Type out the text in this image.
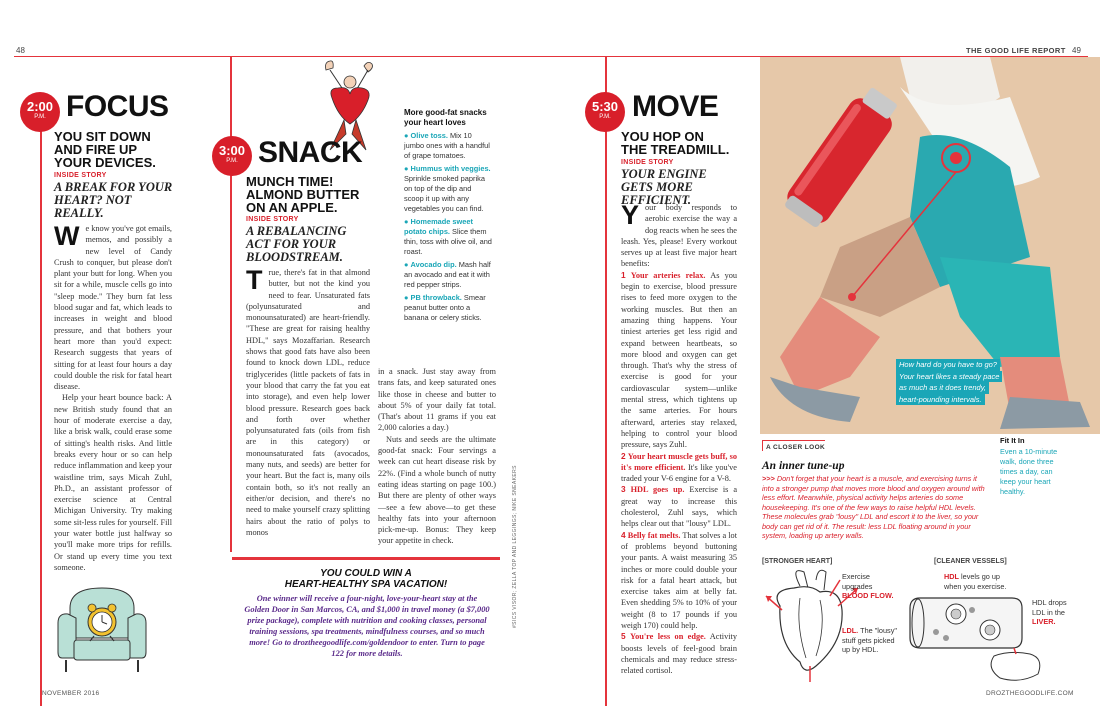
48	THE GOOD LIFE REPORT 49
NOVEMBER 2016	DROZTHEGOODLIFE.COM
2:00
P.M. FOCUS
YOU SIT DOWN AND FIRE UP YOUR DEVICES.
INSIDE STORY
A BREAK FOR YOUR HEART? NOT REALLY.
W e know you've got emails, memos, and possibly a new level of Candy Crush to conquer, but please don't plant your butt for long. When you sit for a while, muscle cells go into "sleep mode." They burn fat less blood sugar and fat, which leads to increases in weight and blood pressure, and that bothers your heart more than you'd expect: Research suggests that years of sitting for at least four hours a day could double the risk for fatal heart disease.

Help your heart bounce back: A new British study found that an hour of moderate exercise a day, like a brisk walk, could erase some of sitting's health risks. And little breaks every hour or so can help reduce inflammation and keep your waistline trim, says Micah Zuhl, Ph.D., an assistant professor of exercise science at Central Michigan University. Try making some sit-less rules for yourself. Fill your water bottle just halfway so you'll make more trips for refills. Or stand up every time you text someone.

3:00
P.M. SNACK
MUNCH TIME! ALMOND BUTTER ON AN APPLE.
INSIDE STORY
A REBALANCING ACT FOR YOUR BLOODSTREAM.
T rue, there's fat in that almond butter, but not the kind you need to fear. Unsaturated fats (polyunsaturated and monounsaturated) are heart-friendly. "These are great for raising healthy HDL," says Mozaffarian. Research shows that good fats have also been found to knock down LDL, reduce triglycerides (little packets of fats in your blood that carry the fat you eat into storage), and even help lower blood pressure. Research goes back and forth over whether polyunsaturated fats (oils from fish are in this category) or monounsaturated fats (avocados, many nuts, and seeds) are better for your heart. But the fact is, many oils contain both, so it's not really an either/or decision, and there's no need to make yourself crazy splitting hairs about the ratio of polys to monos

in a snack. Just stay away from trans fats, and keep saturated ones like those in cheese and butter to about 5% of your daily fat total. (That's about 11 grams if you eat 2,000 calories a day.)

Nuts and seeds are the ultimate good-fat snack: Four servings a week can cut heart disease risk by 22%. (Find a whole bunch of nutty eating ideas starting on page 100.) But there are plenty of other ways—see a few above—to get these healthy fats into your afternoon pick-me-up. Bonus: They keep your appetite in check.

More good-fat snacks your heart loves
● Olive toss. Mix 10 jumbo ones with a handful of grape tomatoes.
● Hummus with veggies. Sprinkle smoked paprika on top of the dip and scoop it up with any vegetables you can find.
● Homemade sweet potato chips. Slice them thin, toss with olive oil, and roast.
● Avocado dip. Mash half an avocado and eat it with red pepper strips.
● PB throwback. Smear peanut butter onto a banana or celery sticks.
YOU COULD WIN A
HEART-HEALTHY SPA VACATION!
One winner will receive a four-night, love-your-heart stay at the Golden Door in San Marcos, CA, and $1,000 in travel money (a $7,000 prize package), complete with nutrition and cooking classes, personal training sessions, spa treatments, mindfulness courses, and so much more! Go to droztheegoodlife.com/goldendoor to enter. Turn to page 122 for more details.
#SICS VISOR; ZELLA TOP AND LEGGINGS; NIKE SNEAKERS
5:30
P.M. MOVE
YOU HOP ON THE TREADMILL.
INSIDE STORY
YOUR ENGINE GETS MORE EFFICIENT.
Y our body responds to aerobic exercise the way a dog reacts when he sees the leash. Yes, please! Every workout serves up at least five major heart benefits:

1 Your arteries relax. As you begin to exercise, blood pressure rises to feed more oxygen to the working muscles. But then an amazing thing happens. Your tiniest arteries get less rigid and expand between heartbeats, so more blood and oxygen can get through. That's why the stress of exercise is good for your cardiovascular system—unlike mental stress, which tightens up the same arteries. For hours afterward, arteries stay relaxed, helping to control your blood pressure, says Zuhl.

2 Your heart muscle gets buff, so it's more efficient. It's like you've traded your V-6 engine for a V-8.

3 HDL goes up. Exercise is a great way to increase this cholesterol, Zuhl says, which helps clear out that "lousy" LDL.

4 Belly fat melts. That solves a lot of problems beyond buttoning your pants. A waist measuring 35 inches or more could double your risk for a fatal heart attack, but exercise takes aim at belly fat. Even shedding 5% to 10% of your weight (8 to 17 pounds if you weigh 170) could help.

5 You're less on edge. Activity boosts levels of feel-good brain chemicals and may reduce stress-related cortisol.

How hard do you have to go?
Your heart likes a steady pace
as much as it does trendy,
heart-pounding intervals.
A CLOSER LOOK
An inner tune-up
>>> Don't forget that your heart is a muscle, and exercising turns it into a stronger pump that moves more blood and oxygen around with less effort. Meanwhile, physical activity helps arteries do some housekeeping. It's one of the few ways to raise helpful HDL levels. These molecules grab "lousy" LDL and escort it to the liver, so your body can get rid of it. The result: less LDL floating around in your system, loading up artery walls.
Fit It In
Even a 10-minute walk, done three times a day, can keep your heart healthy.
[STRONGER HEART]	[CLEANER VESSELS]
Exercise
upgrades
BLOOD FLOW.
HDL levels go up
when you exercise.
HDL drops
LDL in the
LIVER.
LDL. The "lousy"
stuff gets picked
up by HDL.
